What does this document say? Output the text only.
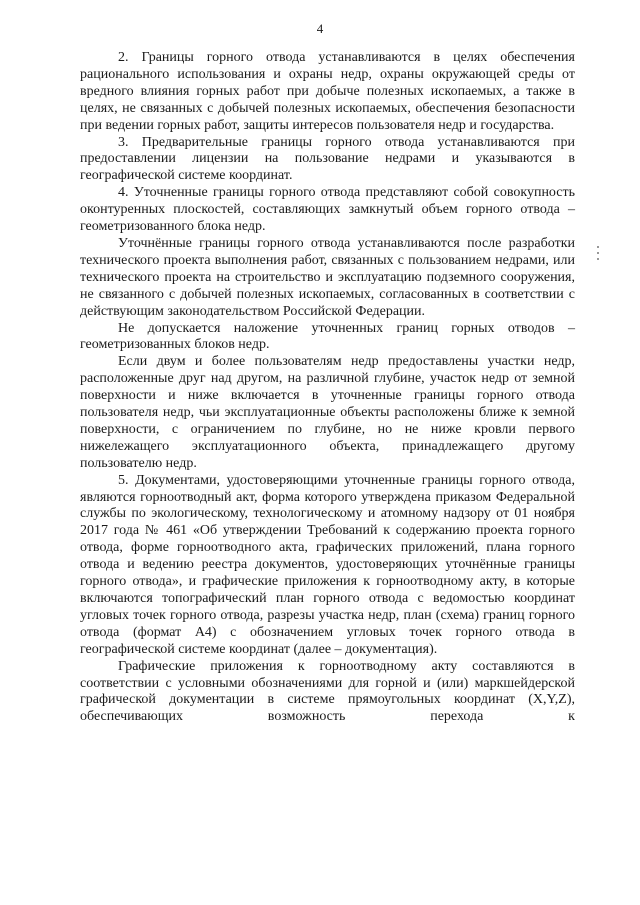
4

2. Границы горного отвода устанавливаются в целях обеспечения рационального использования и охраны недр, охраны окружающей среды от вредного влияния горных работ при добыче полезных ископаемых, а также в целях, не связанных с добычей полезных ископаемых, обеспечения безопасности при ведении горных работ, защиты интересов пользователя недр и государства.

3. Предварительные границы горного отвода устанавливаются при предоставлении лицензии на пользование недрами и указываются в географической системе координат.

4. Уточненные границы горного отвода представляют собой совокупность оконтуренных плоскостей, составляющих замкнутый объем горного отвода – геометризованного блока недр.

Уточнённые границы горного отвода устанавливаются после разработки технического проекта выполнения работ, связанных с пользованием недрами, или технического проекта на строительство и эксплуатацию подземного сооружения, не связанного с добычей полезных ископаемых, согласованных в соответствии с действующим законодательством Российской Федерации.

Не допускается наложение уточненных границ горных отводов – геометризованных блоков недр.

Если двум и более пользователям недр предоставлены участки недр, расположенные друг над другом, на различной глубине, участок недр от земной поверхности и ниже включается в уточненные границы горного отвода пользователя недр, чьи эксплуатационные объекты расположены ближе к земной поверхности, с ограничением по глубине, но не ниже кровли первого нижележащего эксплуатационного объекта, принадлежащего другому пользователю недр.

5. Документами, удостоверяющими уточненные границы горного отвода, являются горноотводный акт, форма которого утверждена приказом Федеральной службы по экологическому, технологическому и атомному надзору от 01 ноября 2017 года № 461 «Об утверждении Требований к содержанию проекта горного отвода, форме горноотводного акта, графических приложений, плана горного отвода и ведению реестра документов, удостоверяющих уточнённые границы горного отвода», и графические приложения к горноотводному акту, в которые включаются топографический план горного отвода с ведомостью координат угловых точек горного отвода, разрезы участка недр, план (схема) границ горного отвода (формат А4) с обозначением угловых точек горного отвода в географической системе координат (далее – документация).

Графические приложения к горноотводному акту составляются в соответствии с условными обозначениями для горной и (или) маркшейдерской графической документации в системе прямоугольных координат (X,Y,Z), обеспечивающих возможность перехода к
